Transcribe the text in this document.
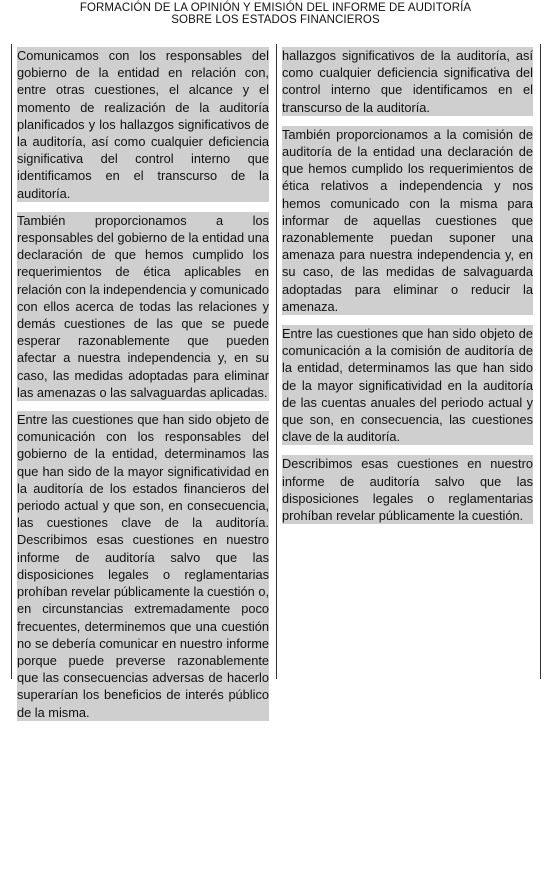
FORMACIÓN DE LA OPINIÓN Y EMISIÓN DEL INFORME DE AUDITORÍA
SOBRE LOS ESTADOS FINANCIEROS

Comunicamos con los responsables del gobierno de la entidad en relación con, entre otras cuestiones, el alcance y el momento de realización de la auditoría planificados y los hallazgos significativos de la auditoría, así como cualquier deficiencia significativa del control interno que identificamos en el transcurso de la auditoría.

También proporcionamos a los responsables del gobierno de la entidad una declaración de que hemos cumplido los requerimientos de ética aplicables en relación con la independencia y comunicado con ellos acerca de todas las relaciones y demás cuestiones de las que se puede esperar razonablemente que pueden afectar a nuestra independencia y, en su caso, las medidas adoptadas para eliminar las amenazas o las salvaguardas aplicadas.

Entre las cuestiones que han sido objeto de comunicación con los responsables del gobierno de la entidad, determinamos las que han sido de la mayor significatividad en la auditoría de los estados financieros del periodo actual y que son, en consecuencia, las cuestiones clave de la auditoría. Describimos esas cuestiones en nuestro informe de auditoría salvo que las disposiciones legales o reglamentarias prohíban revelar públicamente la cuestión o, en circunstancias extremadamente poco frecuentes, determinemos que una cuestión no se debería comunicar en nuestro informe porque puede preverse razonablemente que las consecuencias adversas de hacerlo superarían los beneficios de interés público de la misma.

hallazgos significativos de la auditoría, así como cualquier deficiencia significativa del control interno que identificamos en el transcurso de la auditoría.

También proporcionamos a la comisión de auditoría de la entidad una declaración de que hemos cumplido los requerimientos de ética relativos a independencia y nos hemos comunicado con la misma para informar de aquellas cuestiones que razonablemente puedan suponer una amenaza para nuestra independencia y, en su caso, de las medidas de salvaguarda adoptadas para eliminar o reducir la amenaza.

Entre las cuestiones que han sido objeto de comunicación a la comisión de auditoría de la entidad, determinamos las que han sido de la mayor significatividad en la auditoría de las cuentas anuales del periodo actual y que son, en consecuencia, las cuestiones clave de la auditoría.

Describimos esas cuestiones en nuestro informe de auditoría salvo que las disposiciones legales o reglamentarias prohíban revelar públicamente la cuestión.
